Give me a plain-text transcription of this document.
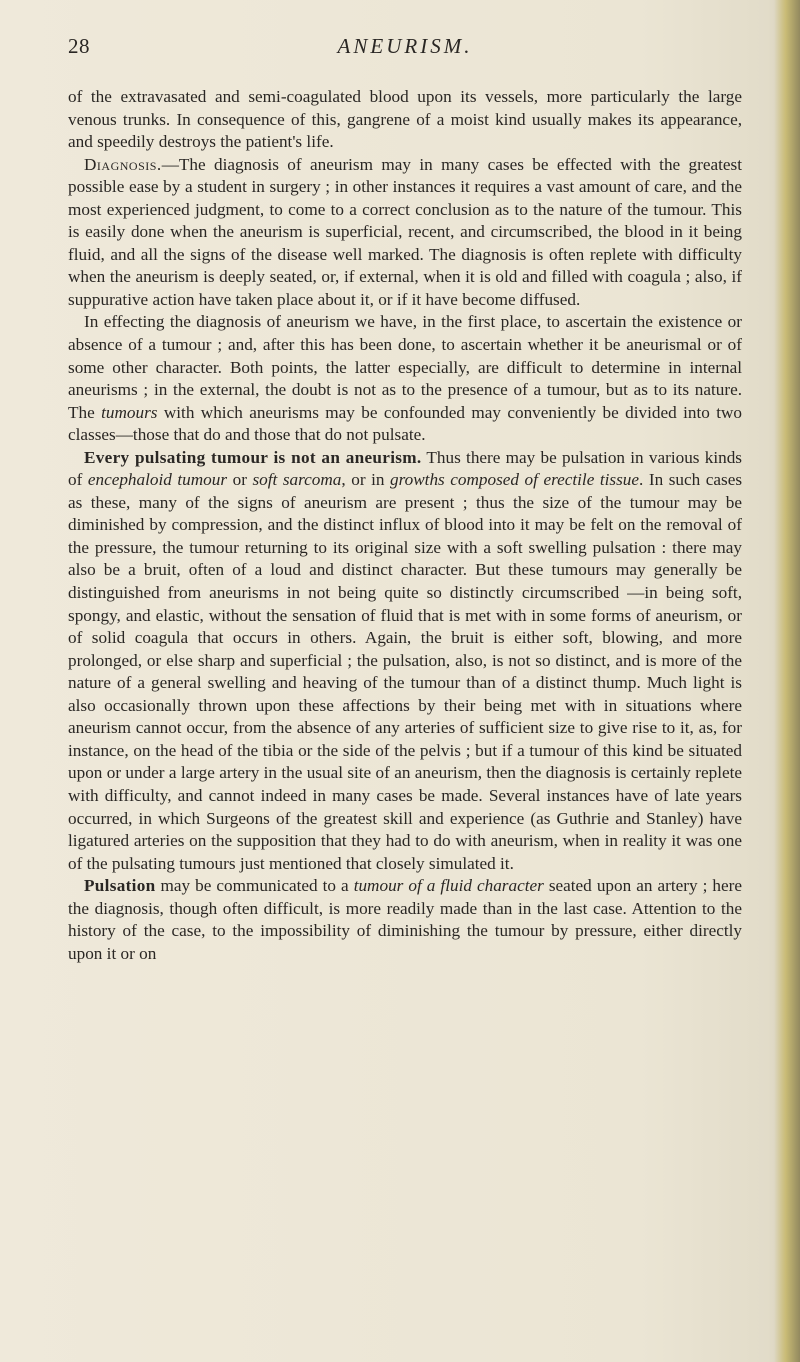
28	ANEURISM.

of the extravasated and semi-coagulated blood upon its vessels, more particularly the large venous trunks. In consequence of this, gangrene of a moist kind usually makes its appearance, and speedily destroys the patient's life.

Diagnosis.—The diagnosis of aneurism may in many cases be effected with the greatest possible ease by a student in surgery ; in other instances it requires a vast amount of care, and the most experienced judgment, to come to a correct conclusion as to the nature of the tumour. This is easily done when the aneurism is superficial, recent, and circumscribed, the blood in it being fluid, and all the signs of the disease well marked. The diagnosis is often replete with difficulty when the aneurism is deeply seated, or, if external, when it is old and filled with coagula ; also, if suppurative action have taken place about it, or if it have become diffused.

In effecting the diagnosis of aneurism we have, in the first place, to ascertain the existence or absence of a tumour ; and, after this has been done, to ascertain whether it be aneurismal or of some other character. Both points, the latter especially, are difficult to determine in internal aneurisms ; in the external, the doubt is not as to the presence of a tumour, but as to its nature. The tumours with which aneurisms may be confounded may conveniently be divided into two classes—those that do and those that do not pulsate.

Every pulsating tumour is not an aneurism. Thus there may be pulsation in various kinds of encephaloid tumour or soft sarcoma, or in growths composed of erectile tissue. In such cases as these, many of the signs of aneurism are present ; thus the size of the tumour may be diminished by compression, and the distinct influx of blood into it may be felt on the removal of the pressure, the tumour returning to its original size with a soft swelling pulsation : there may also be a bruit, often of a loud and distinct character. But these tumours may generally be distinguished from aneurisms in not being quite so distinctly circumscribed —in being soft, spongy, and elastic, without the sensation of fluid that is met with in some forms of aneurism, or of solid coagula that occurs in others. Again, the bruit is either soft, blowing, and more prolonged, or else sharp and superficial ; the pulsation, also, is not so distinct, and is more of the nature of a general swelling and heaving of the tumour than of a distinct thump. Much light is also occasionally thrown upon these affections by their being met with in situations where aneurism cannot occur, from the absence of any arteries of sufficient size to give rise to it, as, for instance, on the head of the tibia or the side of the pelvis ; but if a tumour of this kind be situated upon or under a large artery in the usual site of an aneurism, then the diagnosis is certainly replete with difficulty, and cannot indeed in many cases be made. Several instances have of late years occurred, in which Surgeons of the greatest skill and experience (as Guthrie and Stanley) have ligatured arteries on the supposition that they had to do with aneurism, when in reality it was one of the pulsating tumours just mentioned that closely simulated it.

Pulsation may be communicated to a tumour of a fluid character seated upon an artery ; here the diagnosis, though often difficult, is more readily made than in the last case. Attention to the history of the case, to the impossibility of diminishing the tumour by pressure, either directly upon it or on
